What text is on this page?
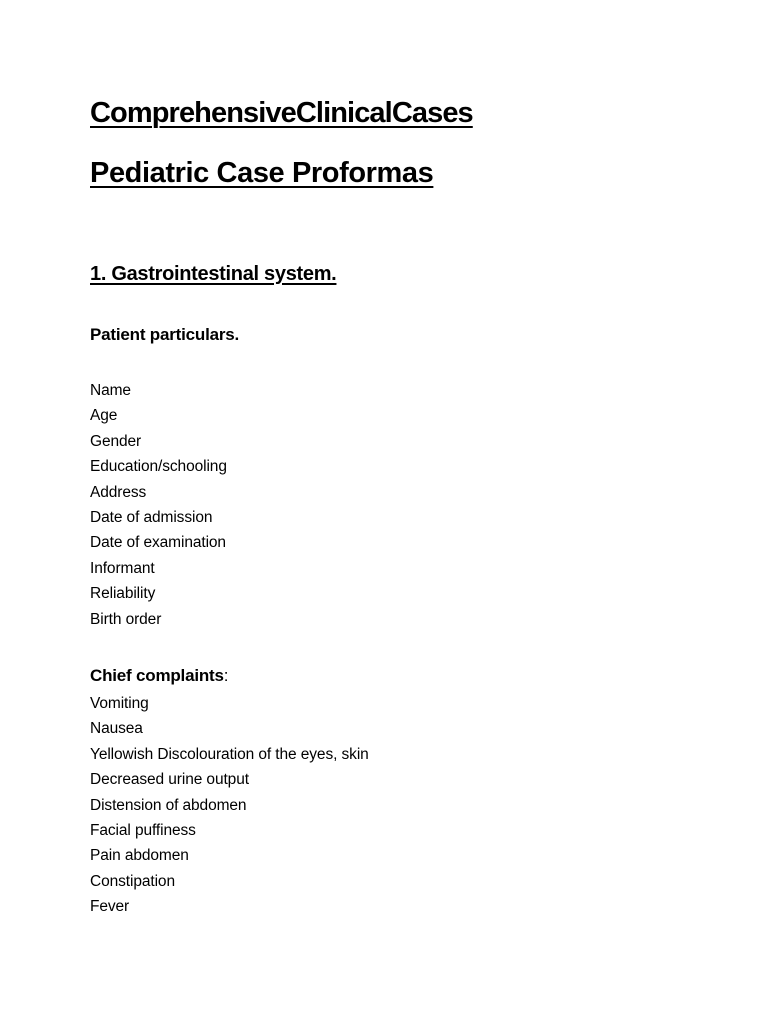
ComprehensiveClinicalCases
Pediatric Case Proformas
1. Gastrointestinal system.
Patient particulars.
Name
Age
Gender
Education/schooling
Address
Date of admission
Date of examination
Informant
Reliability
Birth order
Chief complaints:
Vomiting
Nausea
Yellowish Discolouration of the eyes, skin
Decreased urine output
Distension of abdomen
Facial puffiness
Pain abdomen
Constipation
Fever
